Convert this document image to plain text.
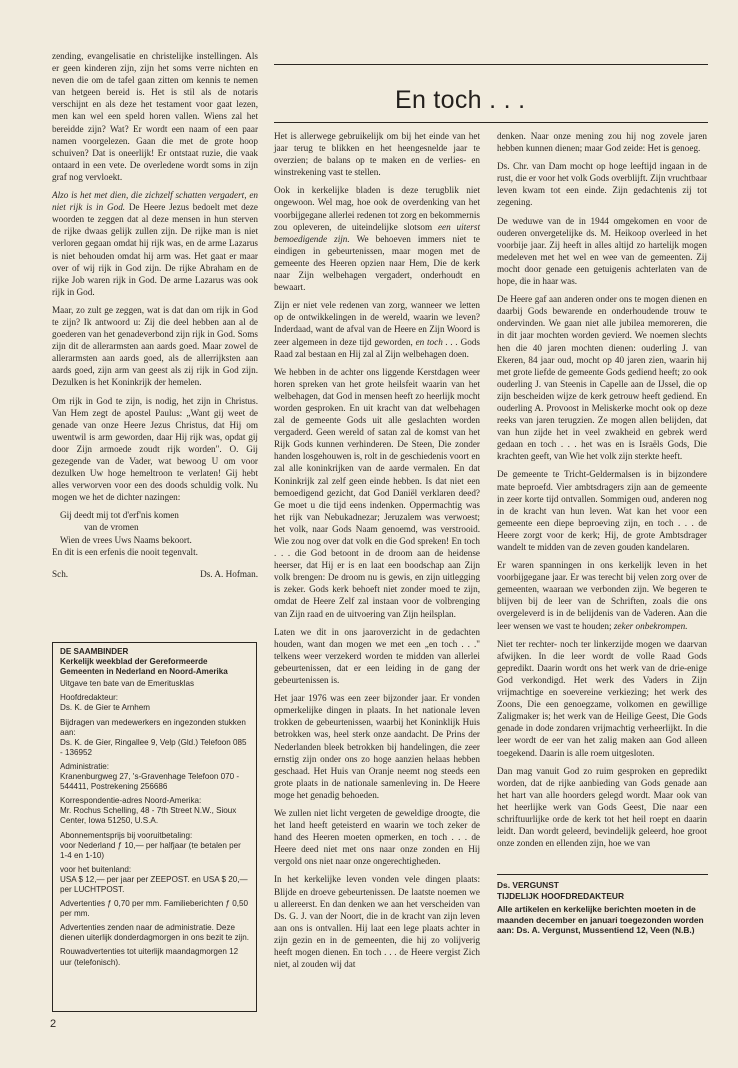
zending, evangelisatie en christelijke instellingen. Als er geen kinderen zijn, zijn het soms verre nichten en neven die om de tafel gaan zitten om kennis te nemen van hetgeen bereid is. Het is stil als de notaris verschijnt en als deze het testament voor gaat lezen, men kan wel een speld horen vallen. Wiens zal het bereidde zijn? Wat? Er wordt een naam of een paar namen voorgelezen. Gaan die met de grote hoop schuiven? Dat is oneerlijk! Er ontstaat ruzie, die vaak ontaard in een vete. De overledene wordt soms in zijn graf nog vervloekt.

Alzo is het met dien, die zichzelf schatten vergadert, en niet rijk is in God. De Heere Jezus bedoelt met deze woorden te zeggen dat al deze mensen in hun sterven de rijke dwaas gelijk zullen zijn. De rijke man is niet verloren gegaan omdat hij rijk was, en de arme Lazarus is niet behouden omdat hij arm was. Het gaat er maar over of wij rijk in God zijn. De rijke Abraham en de rijke Job waren rijk in God. De arme Lazarus was ook rijk in God.

Maar, zo zult ge zeggen, wat is dat dan om rijk in God te zijn? Ik antwoord u: Zij die deel hebben aan al de goederen van het genadeverbond zijn rijk in God. Soms zijn dit de allerarmsten aan aards goed. Maar zowel de allerarmsten aan aards goed, als de allerrijksten aan aards goed, zijn arm van geest als zij rijk in God zijn. Dezulken is het Koninkrijk der hemelen.

Om rijk in God te zijn, is nodig, het zijn in Christus. Van Hem zegt de apostel Paulus: „Want gij weet de genade van onze Heere Jezus Christus, dat Hij om uwentwil is arm geworden, daar Hij rijk was, opdat gij door Zijn armoede zoudt rijk worden". O. Gij gezegende van de Vader, wat bewoog U om voor dezulken Uw hoge hemeltroon te verlaten! Gij hebt alles verworven voor een des doods schuldig volk. Nu mogen we het de dichter nazingen:

Gij deedt mij tot d'erf'nis komen
van de vromen
Wien de vrees Uws Naams bekoort.

En dit is een erfenis die nooit tegenvalt.

Sch.	Ds. A. Hofman.

DE SAAMBINDER

Kerkelijk weekblad der Gereformeerde Gemeenten in Nederland en Noord-Amerika

Uitgave ten bate van de Emeritusklas

Hoofdredakteur:

Ds. K. de Gier te Arnhem

Bijdragen van medewerkers en ingezonden stukken aan:

Ds. K. de Gier, Ringallee 9, Velp (Gld.) Telefoon 085 - 136952

Administratie:

Kranenburgweg 27, 's-Gravenhage Telefoon 070 - 544411, Postrekening 256686

Korrespondentie-adres Noord-Amerika:

Mr. Rochus Schelling, 48 - 7th Street N.W., Sioux Center, Iowa 51250, U.S.A.

Abonnementsprijs bij vooruitbetaling:

voor Nederland ƒ 10,— per halfjaar (te betalen per 1-4 en 1-10)

voor het buitenland:

USA $ 12,— per jaar per ZEEPOST. en USA $ 20,— per LUCHTPOST.

Advertenties ƒ 0,70 per mm. Familieberichten ƒ 0,50 per mm.

Advertenties zenden naar de administratie. Deze dienen uiterlijk donderdagmorgen in ons bezit te zijn.

Rouwadvertenties tot uiterlijk maandagmorgen 12 uur (telefonisch).

En toch . . .

Het is allerwege gebruikelijk om bij het einde van het jaar terug te blikken en het heengesnelde jaar te overzien; de balans op te maken en de verlies- en winstrekening vast te stellen.

Ook in kerkelijke bladen is deze terugblik niet ongewoon. Wel mag, hoe ook de overdenking van het voorbijgegane allerlei redenen tot zorg en bekommernis zou opleveren, de uiteindelijke slotsom een uiterst bemoedigende zijn. We behoeven immers niet te eindigen in gebeurtenissen, maar mogen met de gemeente des Heeren opzien naar Hem, Die de kerk naar Zijn welbehagen vergadert, onderhoudt en bewaart.

Zijn er niet vele redenen van zorg, wanneer we letten op de ontwikkelingen in de wereld, waarin we leven? Inderdaad, want de afval van de Heere en Zijn Woord is zeer algemeen in deze tijd geworden, en toch . . . Gods Raad zal bestaan en Hij zal al Zijn welbehagen doen.

We hebben in de achter ons liggende Kerstdagen weer horen spreken van het grote heilsfeit waarin van het welbehagen, dat God in mensen heeft zo heerlijk mocht worden gesproken. En uit kracht van dat welbehagen zal de gemeente Gods uit alle geslachten worden vergaderd. Geen wereld of satan zal de komst van het Rijk Gods kunnen verhinderen. De Steen, Die zonder handen losgehouwen is, rolt in de geschiedenis voort en zal alle koninkrijken van de aarde vermalen. En dat Koninkrijk zal zelf geen einde hebben. Is dat niet een bemoedigend gezicht, dat God Daniël verklaren deed? Ge moet u die tijd eens indenken. Oppermachtig was het rijk van Nebukadnezar; Jeruzalem was verwoest; het volk, naar Gods Naam genoemd, was verstrooid. Wie zou nog over dat volk en die God spreken! En toch . . . die God betoont in de droom aan de heidense heerser, dat Hij er is en laat een boodschap aan Zijn volk brengen: De droom nu is gewis, en zijn uitlegging is zeker. Gods kerk behoeft niet zonder moed te zijn, omdat de Heere Zelf zal instaan voor de volbrenging van Zijn raad en de uitvoering van Zijn heilsplan.

Laten we dit in ons jaaroverzicht in de gedachten houden, want dan mogen we met een „en toch . . ." telkens weer verzekerd worden te midden van allerlei gebeurtenissen, dat er een leiding in de gang der gebeurtenissen is.

Het jaar 1976 was een zeer bijzonder jaar. Er vonden opmerkelijke dingen in plaats. In het nationale leven trokken de gebeurtenissen, waarbij het Koninklijk Huis betrokken was, heel sterk onze aandacht. De Prins der Nederlanden bleek betrokken bij handelingen, die zeer ernstig zijn onder ons zo hoge aanzien helaas hebben geschaad. Het Huis van Oranje neemt nog steeds een grote plaats in de nationale samenleving in. De Heere moge het genadig behoeden.

We zullen niet licht vergeten de geweldige droogte, die het land heeft geteisterd en waarin we toch zeker de hand des Heeren moeten opmerken, en toch . . . de Heere deed niet met ons naar onze zonden en Hij vergold ons niet naar onze ongerechtigheden.

In het kerkelijke leven vonden vele dingen plaats: Blijde en droeve gebeurtenissen. De laatste noemen we u allereerst. En dan denken we aan het verscheiden van Ds. G. J. van der Noort, die in de kracht van zijn leven aan ons is ontvallen. Hij laat een lege plaats achter in zijn gezin en in de gemeenten, die hij zo volijverig heeft mogen dienen. En toch . . . de Heere vergist Zich niet, al zouden wij dat

denken. Naar onze mening zou hij nog zovele jaren hebben kunnen dienen; maar God zeide: Het is genoeg.

Ds. Chr. van Dam mocht op hoge leeftijd ingaan in de rust, die er voor het volk Gods overblijft. Zijn vruchtbaar leven kwam tot een einde. Zijn gedachtenis zij tot zegening.

De weduwe van de in 1944 omgekomen en voor de ouderen onvergetelijke ds. M. Heikoop overleed in het voorbije jaar. Zij heeft in alles altijd zo hartelijk mogen medeleven met het wel en wee van de gemeenten. Zij mocht door genade een getuigenis achterlaten van de hope, die in haar was.

De Heere gaf aan anderen onder ons te mogen dienen en daarbij Gods bewarende en onderhoudende trouw te ondervinden. We gaan niet alle jubilea memoreren, die in dit jaar mochten worden gevierd. We noemen slechts hen die 40 jaren mochten dienen: ouderling J. van Ekeren, 84 jaar oud, mocht op 40 jaren zien, waarin hij met grote liefde de gemeente Gods gediend heeft; zo ook ouderling J. van Steenis in Capelle aan de IJssel, die op zijn bescheiden wijze de kerk getrouw heeft gediend. En ouderling A. Provoost in Meliskerke mocht ook op deze reeks van jaren terugzien. Ze mogen allen belijden, dat van hun zijde het in veel zwakheid en gebrek werd gedaan en toch . . . het was en is Israëls Gods, Die krachten geeft, van Wie het volk zijn sterkte heeft.

De gemeente te Tricht-Geldermalsen is in bijzondere mate beproefd. Vier ambtsdragers zijn aan de gemeente in zeer korte tijd ontvallen. Sommigen oud, anderen nog in de kracht van hun leven. Wat kan het voor een gemeente een diepe beproeving zijn, en toch . . . de Heere zorgt voor de kerk; Hij, de grote Ambtsdrager wandelt te midden van de zeven gouden kandelaren.

Er waren spanningen in ons kerkelijk leven in het voorbijgegane jaar. Er was terecht bij velen zorg over de gemeenten, waaraan we verbonden zijn. We begeren te blijven bij de leer van de Schriften, zoals die ons overgeleverd is in de belijdenis van de Vaderen. Aan die leer wensen we vast te houden; zeker onbekrompen.

Niet ter rechter- noch ter linkerzijde mogen we daarvan afwijken. In die leer wordt de volle Raad Gods gepredikt. Daarin wordt ons het werk van de drie-enige God verkondigd. Het werk des Vaders in Zijn vrijmachtige en soevereine verkiezing; het werk des Zoons, Die een genoegzame, volkomen en gewillige Zaligmaker is; het werk van de Heilige Geest, Die Gods genade in dode zondaren vrijmachtig verheerlijkt. In die leer wordt de eer van het zalig maken aan God alleen toegekend. Daarin is alle roem uitgesloten.

Dan mag vanuit God zo ruim gesproken en gepredikt worden, dat de rijke aanbieding van Gods genade aan het hart van alle hoorders gelegd wordt. Maar ook van het heerlijke werk van Gods Geest, Die naar een schriftuurlijke orde de kerk tot het heil roept en daarin leidt. Dan wordt geleerd, bevindelijk geleerd, hoe groot onze zonden en ellenden zijn, hoe we van

Ds. VERGUNST

TIJDELIJK HOOFDREDAKTEUR

Alle artikelen en kerkelijke berichten moeten in de maanden december en januari toegezonden worden aan: Ds. A. Vergunst, Mussentiend 12, Veen (N.B.)

2
